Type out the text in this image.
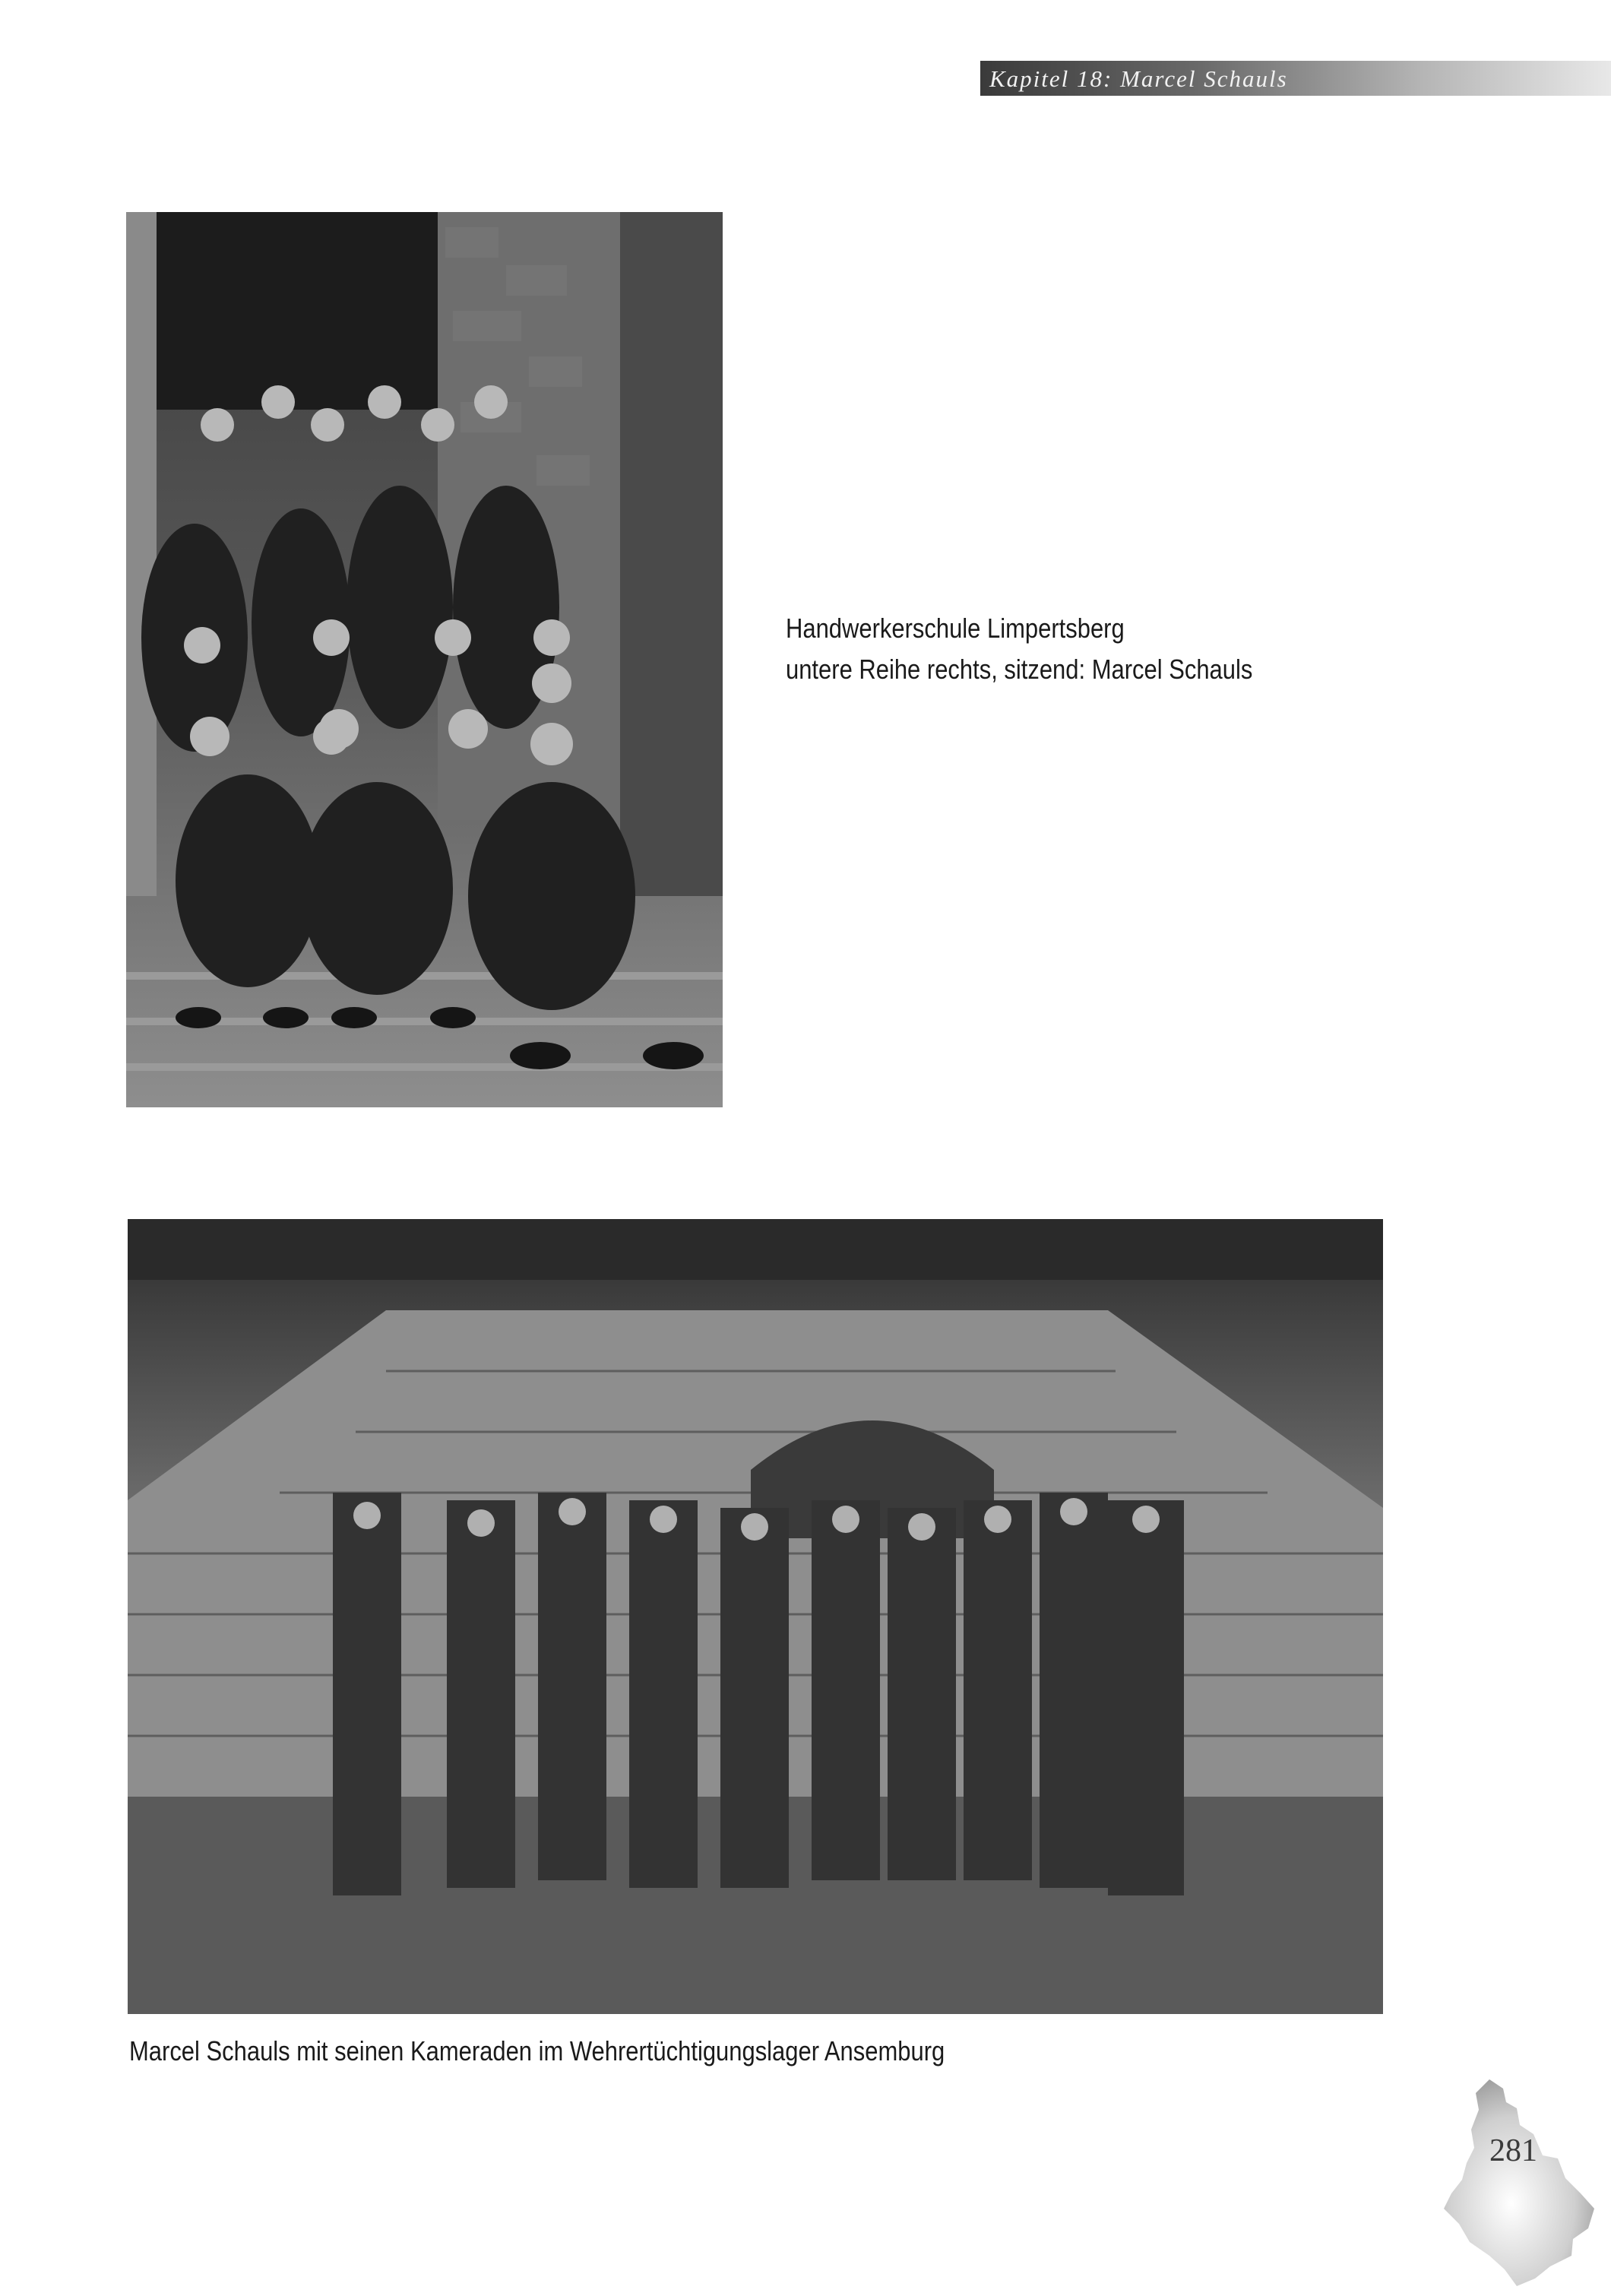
Kapitel 18: Marcel Schauls
Handwerkerschule Limpertsberg
untere Reihe rechts, sitzend: Marcel Schauls
Marcel Schauls mit seinen Kameraden im Wehrertüchtigungslager Ansemburg
281
